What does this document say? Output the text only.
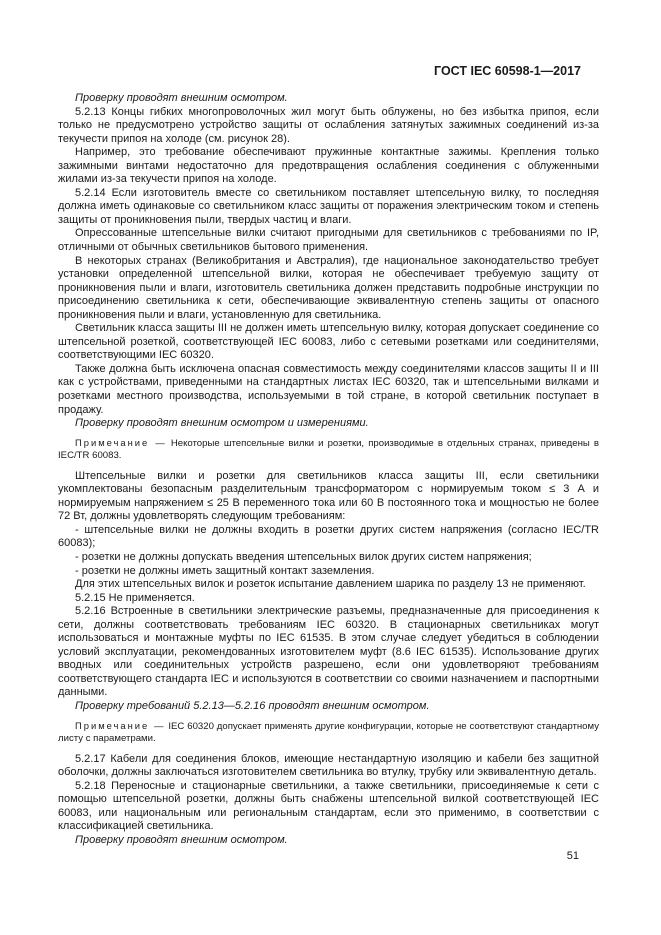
ГОСТ IEC 60598-1—2017

Проверку проводят внешним осмотром.

5.2.13 Концы гибких многопроволочных жил могут быть облужены, но без избытка припоя, если только не предусмотрено устройство защиты от ослабления затянутых зажимных соединений из-за текучести припоя на холоде (см. рисунок 28).

Например, это требование обеспечивают пружинные контактные зажимы. Крепления только зажимными винтами недостаточно для предотвращения ослабления соединения с облуженными жилами из-за текучести припоя на холоде.

5.2.14 Если изготовитель вместе со светильником поставляет штепсельную вилку, то последняя должна иметь одинаковые со светильником класс защиты от поражения электрическим током и степень защиты от проникновения пыли, твердых частиц и влаги.

Опрессованные штепсельные вилки считают пригодными для светильников с требованиями по IP, отличными от обычных светильников бытового применения.

В некоторых странах (Великобритания и Австралия), где национальное законодательство требует установки определенной штепсельной вилки, которая не обеспечивает требуемую защиту от проникновения пыли и влаги, изготовитель светильника должен представить подробные инструкции по присоединению светильника к сети, обеспечивающие эквивалентную степень защиты от опасного проникновения пыли и влаги, установленную для светильника.

Светильник класса защиты III не должен иметь штепсельную вилку, которая допускает соединение со штепсельной розеткой, соответствующей IEC 60083, либо с сетевыми розетками или соединителями, соответствующими IEC 60320.

Также должна быть исключена опасная совместимость между соединителями классов защиты II и III как с устройствами, приведенными на стандартных листах IEC 60320, так и штепсельными вилками и розетками местного производства, используемыми в той стране, в которой светильник поступает в продажу.

Проверку проводят внешним осмотром и измерениями.

Примечание — Некоторые штепсельные вилки и розетки, производимые в отдельных странах, приведены в IEC/TR 60083.

Штепсельные вилки и розетки для светильников класса защиты III, если светильники укомплектованы безопасным разделительным трансформатором с нормируемым током ≤ 3 А и нормируемым напряжением ≤ 25 В переменного тока или 60 В постоянного тока и мощностью не более 72 Вт, должны удовлетворять следующим требованиям:

- штепсельные вилки не должны входить в розетки других систем напряжения (согласно IEC/TR 60083);

- розетки не должны допускать введения штепсельных вилок других систем напряжения;

- розетки не должны иметь защитный контакт заземления.

Для этих штепсельных вилок и розеток испытание давлением шарика по разделу 13 не применяют.

5.2.15 Не применяется.

5.2.16 Встроенные в светильники электрические разъемы, предназначенные для присоединения к сети, должны соответствовать требованиям IEC 60320. В стационарных светильниках могут использоваться и монтажные муфты по IEC 61535. В этом случае следует убедиться в соблюдении условий эксплуатации, рекомендованных изготовителем муфт (8.6 IEC 61535). Использование других вводных или соединительных устройств разрешено, если они удовлетворяют требованиям соответствующего стандарта IEC и используются в соответствии со своими назначением и паспортными данными.

Проверку требований 5.2.13—5.2.16 проводят внешним осмотром.

Примечание — IEC 60320 допускает применять другие конфигурации, которые не соответствуют стандартному листу с параметрами.

5.2.17 Кабели для соединения блоков, имеющие нестандартную изоляцию и кабели без защитной оболочки, должны заключаться изготовителем светильника во втулку, трубку или эквивалентную деталь.

5.2.18 Переносные и стационарные светильники, а также светильники, присоединяемые к сети с помощью штепсельной розетки, должны быть снабжены штепсельной вилкой соответствующей IEC 60083, или национальным или региональным стандартам, если это применимо, в соответствии с классификацией светильника.

Проверку проводят внешним осмотром.

51
